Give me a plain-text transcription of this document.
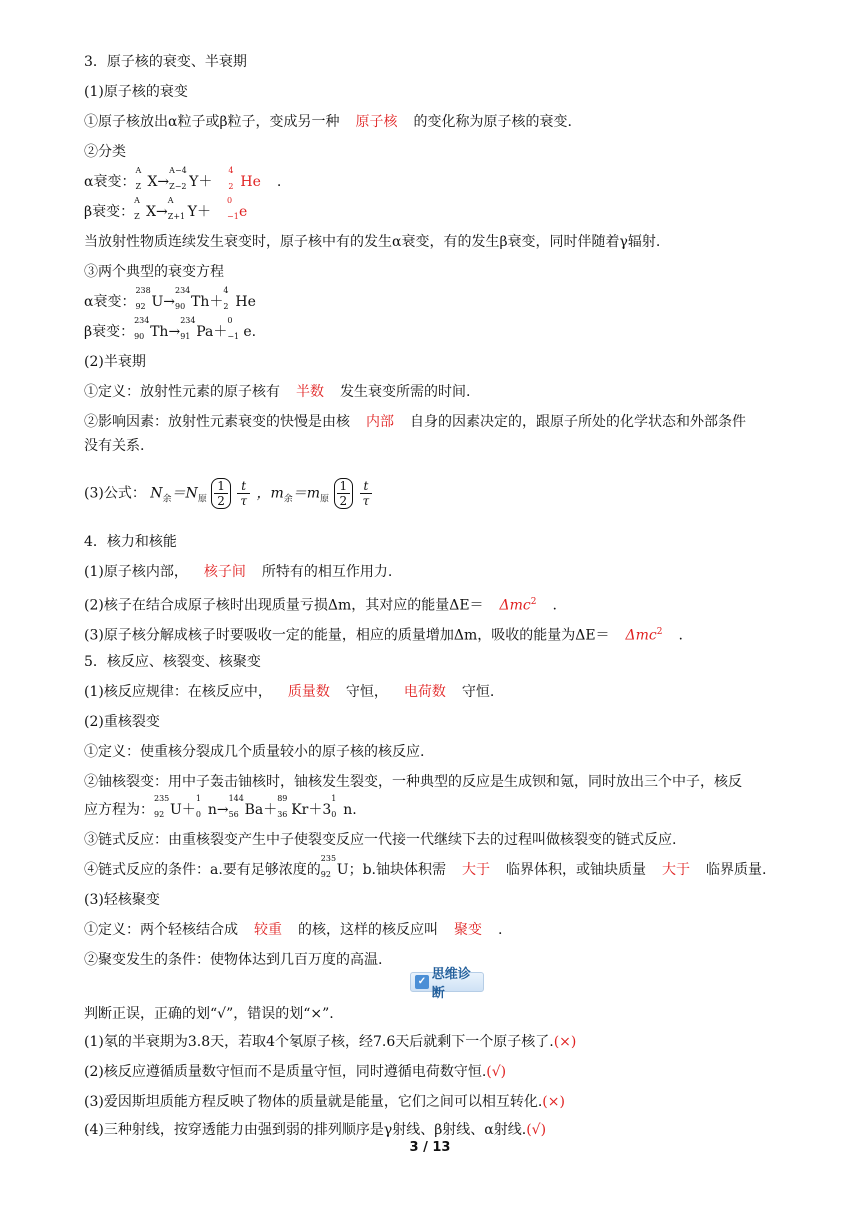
3．原子核的衰变、半衰期
(1)原子核的衰变
①原子核放出α粒子或β粒子，变成另一种 原子核 的变化称为原子核的衰变.
②分类
α衰变：
A
Z X→
A−4
Z−2 Y＋
4
2 He .
β衰变：
A
Z X→
A
Z+1 Y＋
0
−1 e
当放射性物质连续发生衰变时，原子核中有的发生α衰变，有的发生β衰变，同时伴随着γ辐射.
③两个典型的衰变方程
α衰变：
238
92 U→
234
90 Th＋
4
2 He
β衰变：
234
90 Th→
234
91 Pa＋
0
−1 e.
(2)半衰期
①定义：放射性元素的原子核有 半数 发生衰变所需的时间.
②影响因素：放射性元素衰变的快慢是由核 内部 自身的因素决定的，跟原子所处的化学状态和外部条件
没有关系.
(3)公式： $N_余=N_原 \frac{1}{2}$
$\frac{t}{\tau}$ ，$m_余=m_原 \frac{1}{2}$
$\frac{t}{\tau}$
4．核力和核能
(1)原子核内部， 核子间 所特有的相互作用力.
(2)核子在结合成原子核时出现质量亏损Δm，其对应的能量ΔE＝ Δmc$^2$ .
(3)原子核分解成核子时要吸收一定的能量，相应的质量增加Δm，吸收的能量为ΔE＝ Δmc$^2$ .
5．核反应、核裂变、核聚变
(1)核反应规律：在核反应中， 质量数 守恒， 电荷数 守恒.
(2)重核裂变
①定义：使重核分裂成几个质量较小的原子核的核反应.
②铀核裂变：用中子轰击铀核时，铀核发生裂变，一种典型的反应是生成钡和氪，同时放出三个中子，核反
应方程为：
235
92 U＋
1
0 n→
144
56 Ba＋
89
36 Kr＋3
1
0 n.
③链式反应：由重核裂变产生中子使裂变反应一代接一代继续下去的过程叫做核裂变的链式反应.
④链式反应的条件：a.要有足够浓度的
235
92 U；b.铀块体积需 大于 临界体积，或铀块质量 大于 临界质量.
(3)轻核聚变
①定义：两个轻核结合成 较重 的核，这样的核反应叫 聚变 .
②聚变发生的条件：使物体达到几百万度的高温.
✓ 思维诊断
判断正误，正确的划“√”，错误的划“×”.
(1)氡的半衰期为3.8天，若取4个氡原子核，经7.6天后就剩下一个原子核了.(×)
(2)核反应遵循质量数守恒而不是质量守恒，同时遵循电荷数守恒.(√)
(3)爱因斯坦质能方程反映了物体的质量就是能量，它们之间可以相互转化.(×)
(4)三种射线，按穿透能力由强到弱的排列顺序是γ射线、β射线、α射线.(√)
3 / 13
